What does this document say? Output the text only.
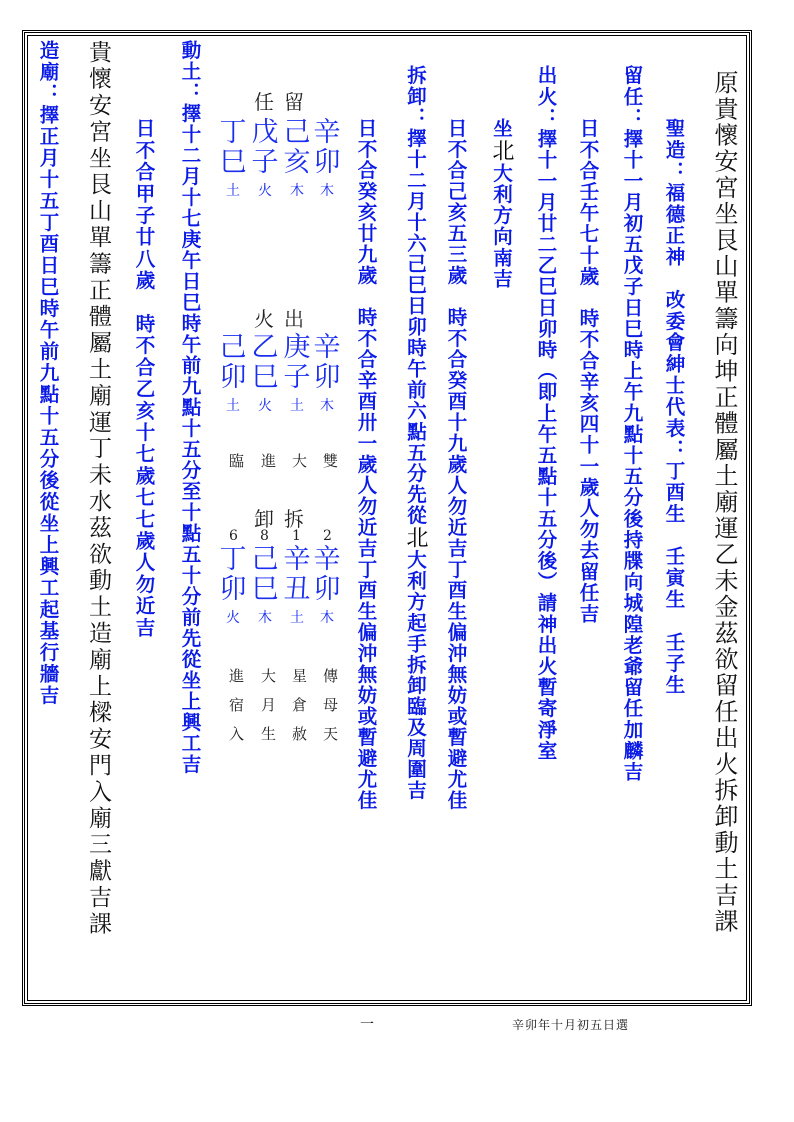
原貴懷安宮坐艮山單籌向坤正體屬土廟運乙未金茲欲留任出火拆卸動土吉課
聖造：福德正神　改委會紳士代表：丁酉生　壬寅生　壬子生
留任：擇十一月初五戊子日巳時上午九點十五分後持牒向城隍老爺留任加麟吉
日不合壬午七十歲　時不合辛亥四十一歲人勿去留任吉
出火：擇十一月廿二乙巳日卯時（即上午五點十五分後）請神出火暫寄淨室
坐北大利方向南吉
日不合己亥五三歲　時不合癸酉十九歲人勿近吉丁酉生偏沖無妨或暫避尤佳
拆卸：擇十二月十六己巳日卯時午前六點五分先從北大利方起手拆卸臨及周圍吉
日不合癸亥廿九歲　時不合辛酉卅一歲人勿近吉丁酉生偏沖無妨或暫避尤佳
留
任
辛
卯
木
己
亥
木
戊
子
火
丁
巳
土
出
火
辛
卯
木
庚
子
土
乙
巳
火
己
卯
土
雙
大
進
臨
拆
卸
2
1
8
6
辛
卯
木
辛
丑
土
己
巳
木
丁
卯
火
傳母天
星倉赦
大月生
進宿入
動土：擇十二月十七庚午日巳時午前九點十五分至十點五十分前先從坐上興工吉
日不合甲子廿八歲　時不合乙亥十七歲七七歲人勿近吉
貴懷安宮坐艮山單籌正體屬土廟運丁未水茲欲動土造廟上樑安門入廟三獻吉課
造廟：擇正月十五丁酉日巳時午前九點十五分後從坐上興工起基行牆吉
一	辛卯年十月初五日選
